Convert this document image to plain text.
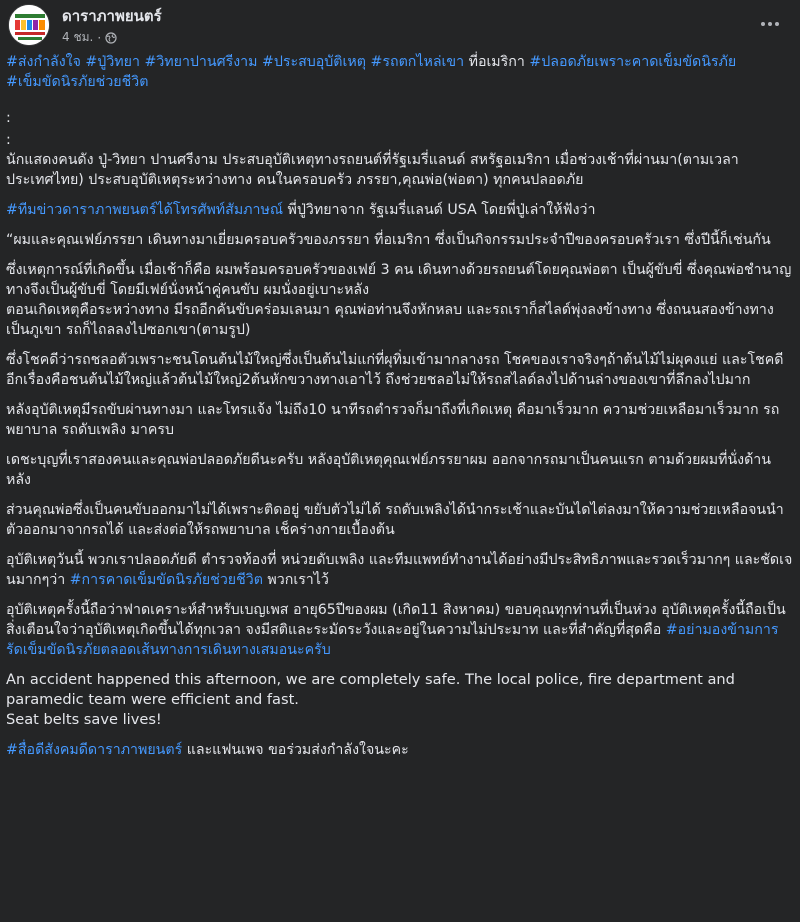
ดาราภาพยนตร์
4 ชม. ·

#ส่งกำลังใจ #ปู่วิทยา #วิทยาปานศรีงาม #ประสบอุบัติเหตุ #รถตกไหล่เขา ที่อเมริกา #ปลอดภัยเพราะคาดเข็มขัดนิรภัย #เข็มขัดนิรภัยช่วยชีวิต

:

:

นักแสดงคนดัง ปู่-วิทยา ปานศรีงาม ประสบอุบัติเหตุทางรถยนต์ที่รัฐเมรี่แลนด์ สหรัฐอเมริกา เมื่อช่วงเช้าที่ผ่านมา(ตามเวลาประเทศไทย) ประสบอุบัติเหตุระหว่างทาง คนในครอบครัว ภรรยา,คุณพ่อ(พ่อตา) ทุกคนปลอดภัย

#ทีมข่าวดาราภาพยนตร์ได้โทรศัพท์สัมภาษณ์ พี่ปู่วิทยาจาก รัฐเมรี่แลนด์ USA โดยพี่ปู่เล่าให้ฟังว่า

“ผมและคุณเฟย์ภรรยา เดินทางมาเยี่ยมครอบครัวของภรรยา ที่อเมริกา ซึ่งเป็นกิจกรรมประจำปีของครอบครัวเรา ซึ่งปีนี้ก็เช่นกัน

ซึ่งเหตุการณ์ที่เกิดขึ้น เมื่อเช้าก็คือ ผมพร้อมครอบครัวของเฟย์ 3 คน เดินทางด้วยรถยนต์โดยคุณพ่อตา เป็นผู้ขับขี่ ซึ่งคุณพ่อชำนาญทางจึงเป็นผู้ขับขี่ โดยมีเฟย์นั่งหน้าคู่คนขับ ผมนั่งอยู่เบาะหลัง
ตอนเกิดเหตุคือระหว่างทาง มีรถอีกคันขับคร่อมเลนมา คุณพ่อท่านจึงหักหลบ และรถเราก็สไลด์พุ่งลงข้างทาง ซึ่งถนนสองข้างทางเป็นภูเขา รถก็ไถลลงไปซอกเขา(ตามรูป)

ซึ่งโชคดีว่ารถชลอตัวเพราะชนโดนต้นไม้ใหญ่ซึ่งเป็นต้นไม่แก่ที่ผุทิ่มเข้ามากลางรถ โชคของเราจริงๆถ้าต้นไม้ไม่ผุคงแย่ และโชคดีอีกเรื่องคือชนต้นไม้ใหญ่แล้วต้นไม้ใหญ่2ต้นหักขวางทางเอาไว้ ถึงช่วยชลอไม่ให้รถสไลด์ลงไปด้านล่างของเขาที่ลึกลงไปมาก

หลังอุบัติเหตุมีรถขับผ่านทางมา และโทรแจ้ง ไม่ถึง10 นาทีรถตำรวจก็มาถึงที่เกิดเหตุ คือมาเร็วมาก ความช่วยเหลือมาเร็วมาก รถพยาบาล รถดับเพลิง มาครบ

เดชะบุญที่เราสองคนและคุณพ่อปลอดภัยดีนะครับ หลังอุบัติเหตุคุณเฟย์ภรรยาผม ออกจากรถมาเป็นคนแรก ตามด้วยผมที่นั่งด้านหลัง

ส่วนคุณพ่อซึ่งเป็นคนขับออกมาไม่ได้เพราะติดอยู่ ขยับตัวไม่ได้ รถดับเพลิงได้นำกระเช้าและบันไดไต่ลงมาให้ความช่วยเหลือจนนำตัวออกมาจากรถได้ และส่งต่อให้รถพยาบาล เช็คร่างกายเบื้องต้น

อุบัติเหตุวันนี้ พวกเราปลอดภัยดี ตำรวจท้องที่ หน่วยดับเพลิง และทีมแพทย์ทำงานได้อย่างมีประสิทธิภาพและรวดเร็วมากๆ และชัดเจนมากๆว่า #การคาดเข็มขัดนิรภัยช่วยชีวิต พวกเราไว้

อุบัติเหตุครั้งนี้ถือว่าฟาดเคราะห์สำหรับเบญเพส อายุ65ปีของผม (เกิด11 สิงหาคม) ขอบคุณทุกท่านที่เป็นห่วง อุบัติเหตุครั้งนี้ถือเป็นสิ่งเตือนใจว่าอุบัติเหตุเกิดขึ้นได้ทุกเวลา จงมีสติและระมัดระวังและอยู่ในความไม่ประมาท และที่สำคัญที่สุดคือ #อย่ามองข้ามการรัดเข็มขัดนิรภัยตลอดเส้นทางการเดินทางเสมอนะครับ

An accident happened this afternoon, we are completely safe. The local police, fire department and paramedic team were efficient and fast.
Seat belts save lives!

#สื่อดีสังคมดีดาราภาพยนตร์ และแฟนเพจ ขอร่วมส่งกำลังใจนะคะ
